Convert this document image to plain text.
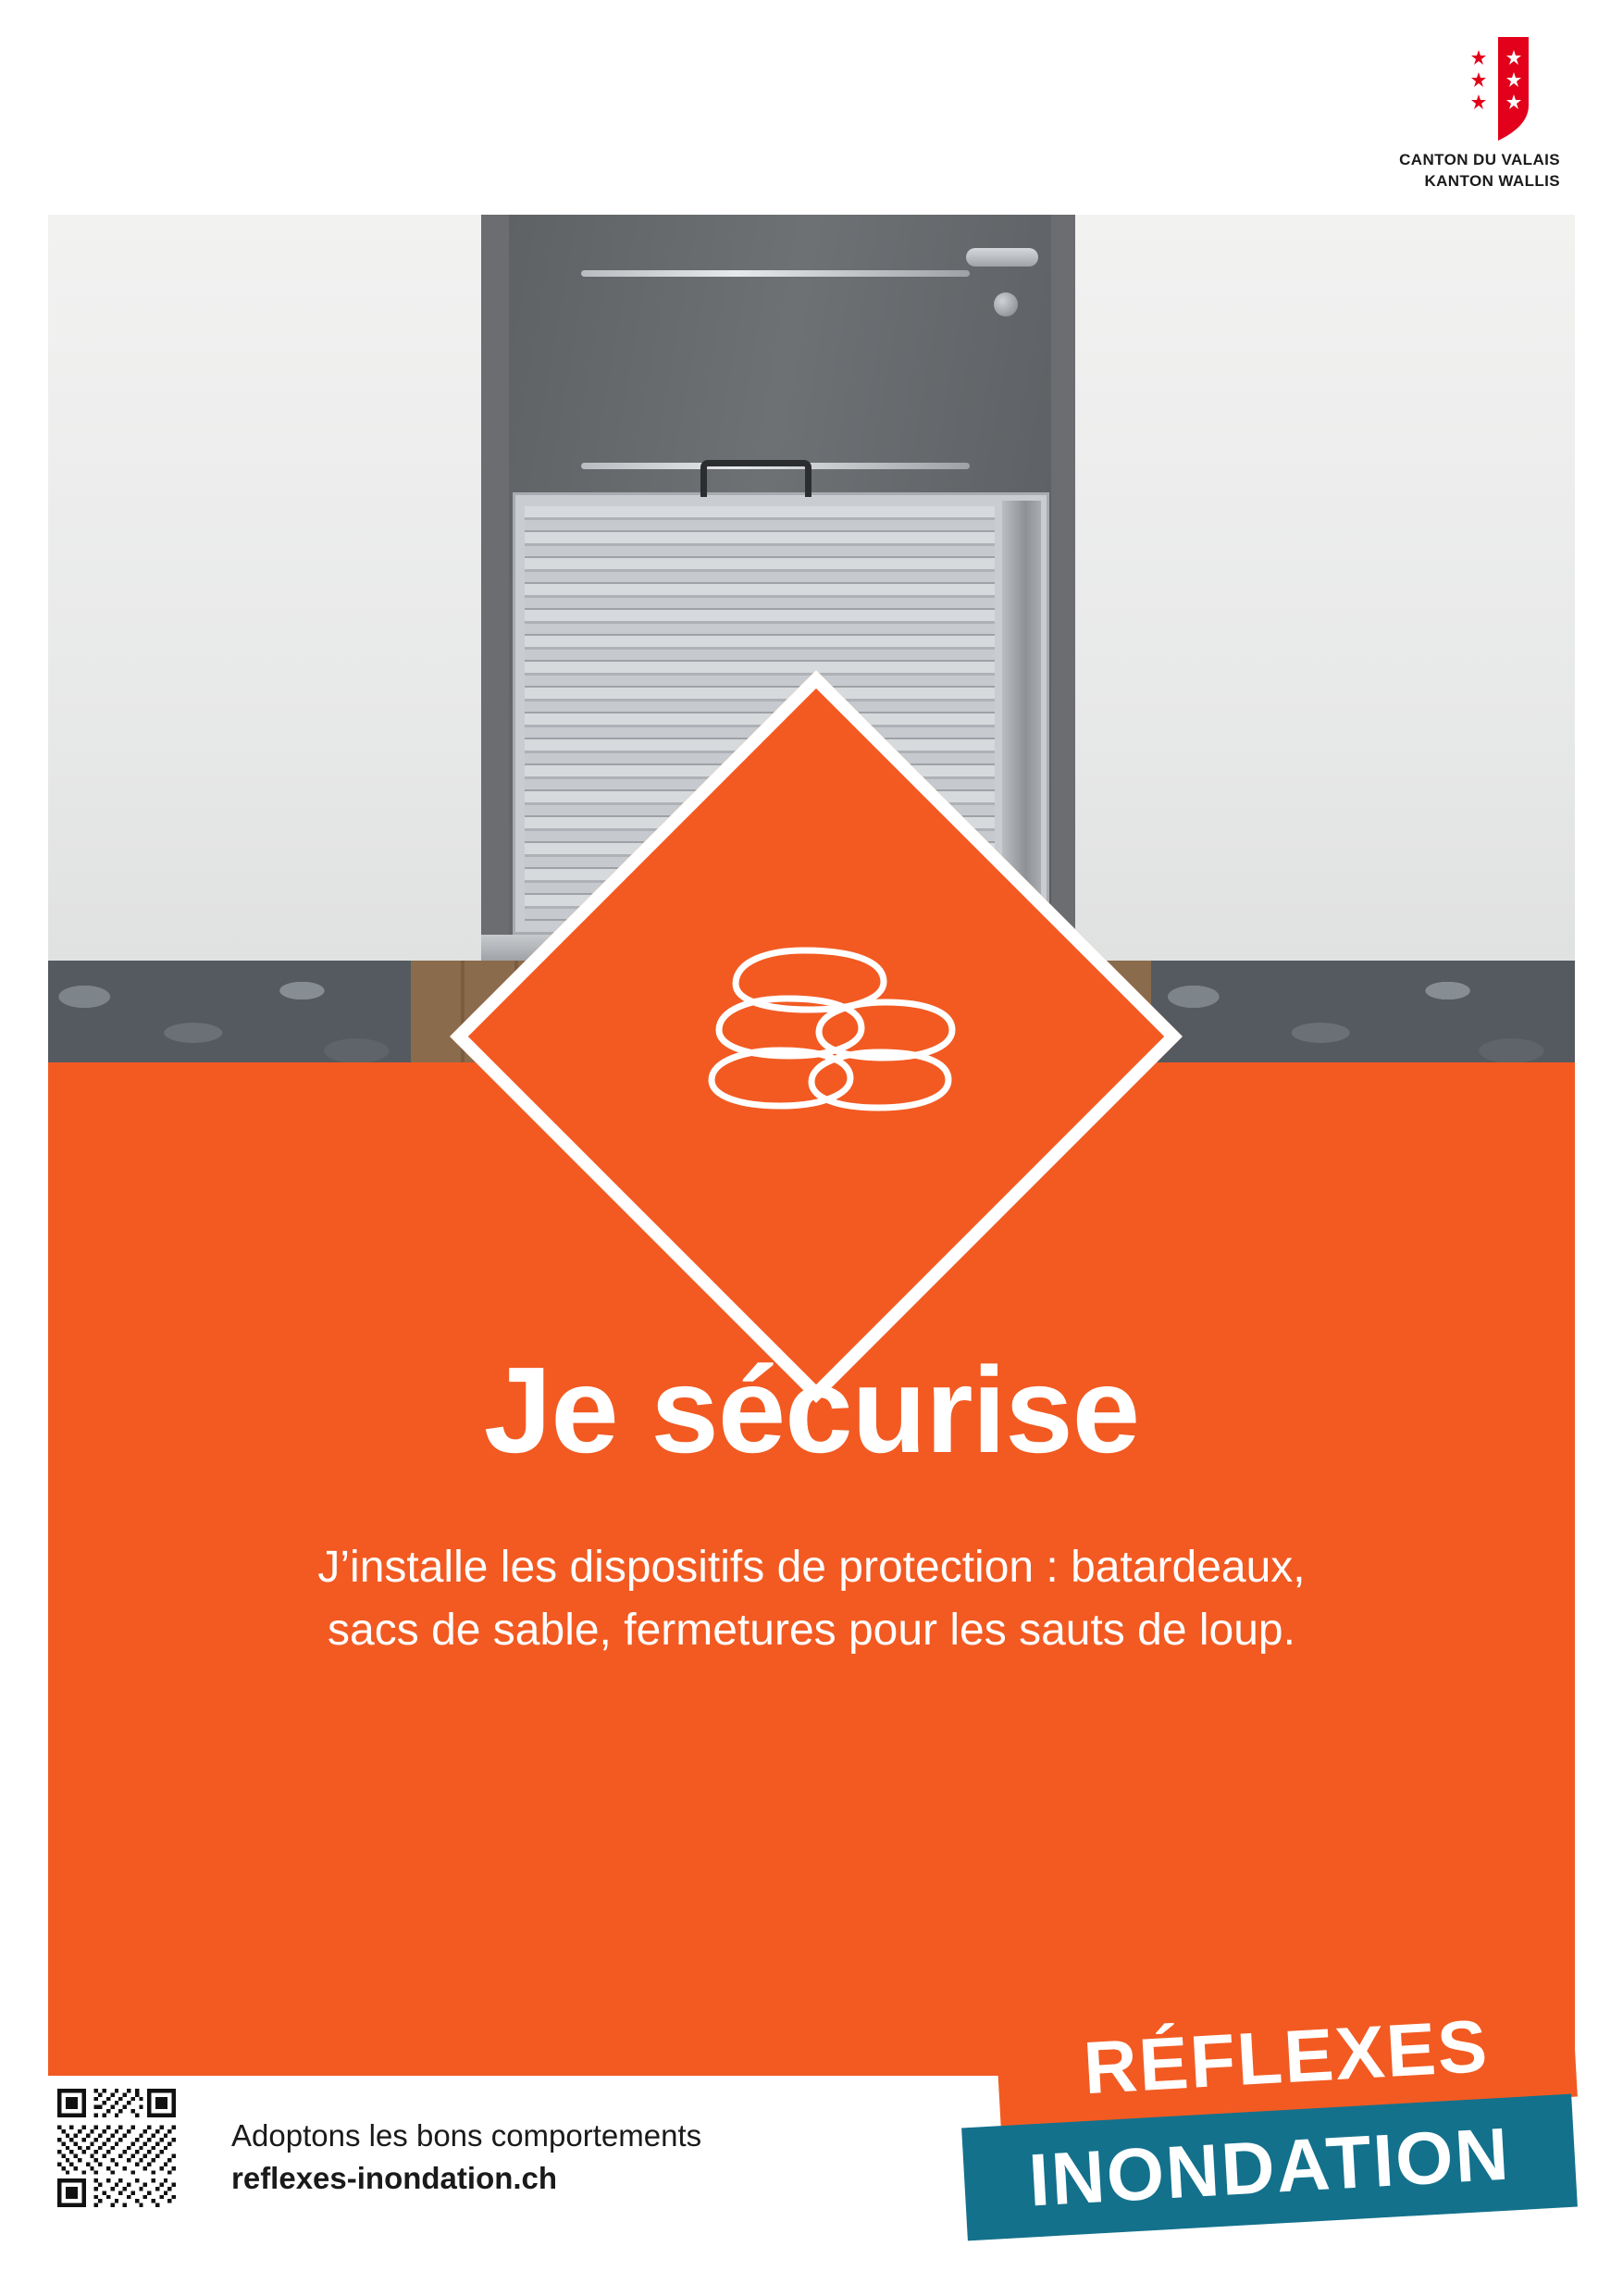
CANTON DU VALAIS
KANTON WALLIS
Je sécurise
J’installe les dispositifs de protection : batardeaux, sacs de sable, fermetures pour les sauts de loup.
RÉFLEXES
INONDATION
Adoptons les bons comportements
reflexes-inondation.ch
